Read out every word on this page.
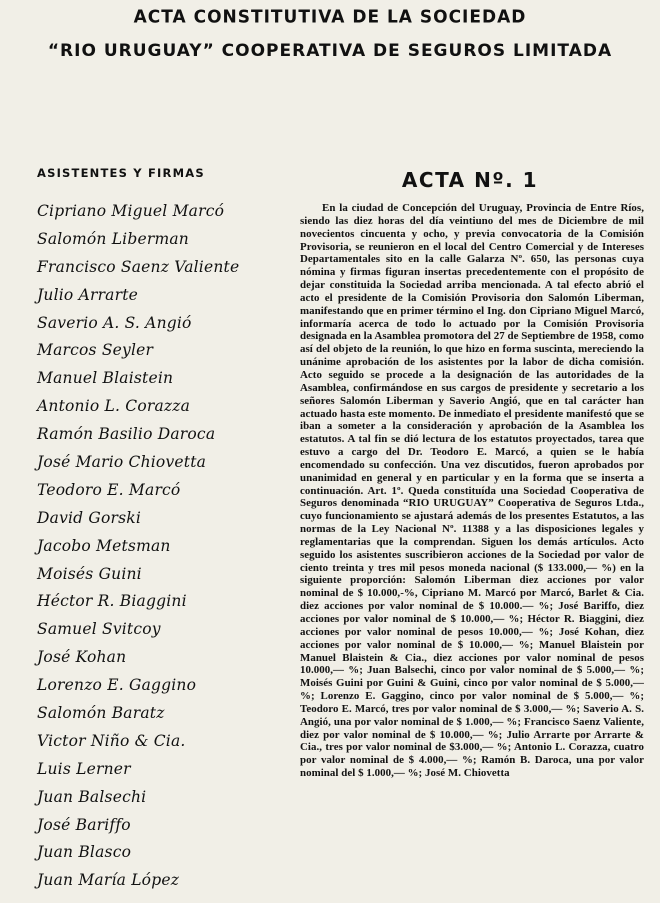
ACTA CONSTITUTIVA DE LA SOCIEDAD
“RIO URUGUAY” COOPERATIVA DE SEGUROS LIMITADA
ASISTENTES Y FIRMAS
Cipriano Miguel Marcó
Salomón Liberman
Francisco Saenz Valiente
Julio Arrarte
Saverio A. S. Angió
Marcos Seyler
Manuel Blaistein
Antonio L. Corazza
Ramón Basilio Daroca
José Mario Chiovetta
Teodoro E. Marcó
David Gorski
Jacobo Metsman
Moisés Guini
Héctor R. Biaggini
Samuel Svitcoy
José Kohan
Lorenzo E. Gaggino
Salomón Baratz
Victor Niño & Cia.
Luis Lerner
Juan Balsechi
José Bariffo
Juan Blasco
Juan María López
ACTA Nº. 1

En la ciudad de Concepción del Uruguay, Provincia de Entre Ríos, siendo las diez horas del día veintiuno del mes de Diciembre de mil novecientos cincuenta y ocho, y previa convocatoria de la Comisión Provisoria, se reunieron en el local del Centro Comercial y de Intereses Departamentales sito en la calle Galarza Nº. 650, las personas cuya nómina y firmas figuran insertas precedentemente con el propósito de dejar constituida la Sociedad arriba mencionada. A tal efecto abrió el acto el presidente de la Comisión Provisoria don Salomón Liberman, manifestando que en primer término el Ing. don Cipriano Miguel Marcó, informaría acerca de todo lo actuado por la Comisión Provisoria designada en la Asamblea promotora del 27 de Septiembre de 1958, como así del objeto de la reunión, lo que hizo en forma suscinta, mereciendo la unánime aprobación de los asistentes por la labor de dicha comisión. Acto seguido se procede a la designación de las autoridades de la Asamblea, confirmándose en sus cargos de presidente y secretario a los señores Salomón Liberman y Saverio Angió, que en tal carácter han actuado hasta este momento. De inmediato el presidente manifestó que se iban a someter a la consideración y aprobación de la Asamblea los estatutos. A tal fin se dió lectura de los estatutos proyectados, tarea que estuvo a cargo del Dr. Teodoro E. Marcó, a quien se le había encomendado su confección. Una vez discutidos, fueron aprobados por unanimidad en general y en particular y en la forma que se inserta a continuación. Art. 1º. Queda constituída una Sociedad Cooperativa de Seguros denominada “RIO URUGUAY” Cooperativa de Seguros Ltda., cuyo funcionamiento se ajustará además de los presentes Estatutos, a las normas de la Ley Nacional Nº. 11388 y a las disposiciones legales y reglamentarias que la comprendan. Siguen los demás artículos. Acto seguido los asistentes suscribieron acciones de la Sociedad por valor de ciento treinta y tres mil pesos moneda nacional ($ 133.000,— %) en la siguiente proporción: Salomón Liberman diez acciones por valor nominal de $ 10.000,-%, Cipriano M. Marcó por Marcó, Barlet & Cia. diez acciones por valor nominal de $ 10.000.— %; José Bariffo, diez acciones por valor nominal de $ 10.000,— %; Héctor R. Biaggini, diez acciones por valor nominal de pesos 10.000,— %; José Kohan, diez acciones por valor nominal de $ 10.000,— %; Manuel Blaistein por Manuel Blaistein & Cia., diez acciones por valor nominal de pesos 10.000,— %; Juan Balsechi, cinco por valor nominal de $ 5.000,— %; Moisés Guini por Guini & Guini, cinco por valor nominal de $ 5.000,— %; Lorenzo E. Gaggino, cinco por valor nominal de $ 5.000,— %; Teodoro E. Marcó, tres por valor nominal de $ 3.000,— %; Saverio A. S. Angió, una por valor nominal de $ 1.000,— %; Francisco Saenz Valiente, diez por valor nominal de $ 10.000,— %; Julio Arrarte por Arrarte & Cia., tres por valor nominal de $3.000,— %; Antonio L. Corazza, cuatro por valor nominal de $ 4.000,— %; Ramón B. Daroca, una por valor nominal del $ 1.000,— %; José M. Chiovetta
